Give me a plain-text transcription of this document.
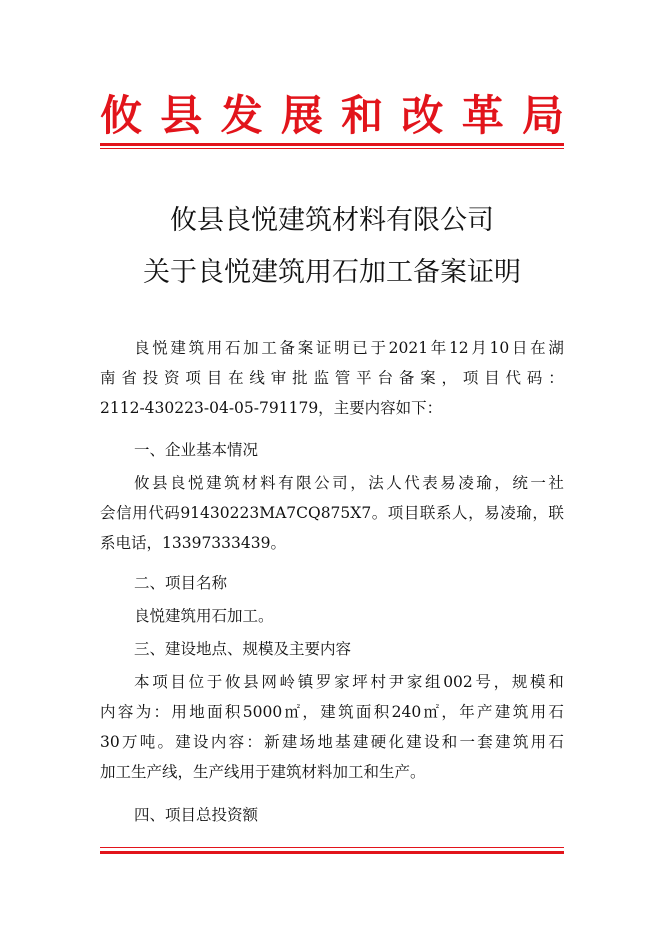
攸 县 发 展 和 改 革 局
攸县良悦建筑材料有限公司
关于良悦建筑用石加工备案证明
良 悦 建 筑 用 石 加 工 备 案 证 明 已 于 2021 年 12 月 10 日 在 湖
南 省 投 资 项 目 在 线 审 批 监 管 平 台 备 案 ， 项 目 代 码 ：
2112-430223-04-05-791179，主要内容如下：
一、企业基本情况
攸 县 良 悦 建 筑 材 料 有 限 公 司 ， 法 人 代 表 易 凌 瑜 ， 统 一 社
会 信 用 代 码 91430223MA7CQ875X7 。 项 目 联 系 人 ， 易 凌 瑜 ， 联
系电话，13397333439。
二、项目名称
良悦建筑用石加工。
三、建设地点、规模及主要内容
本 项 目 位 于 攸 县 网 岭 镇 罗 家 坪 村 尹 家 组 002 号 ， 规 模 和
内 容 为 ： 用 地 面 积 5000 ㎡ ， 建 筑 面 积 240 ㎡ ， 年 产 建 筑 用 石
30 万 吨 。 建 设 内 容 ： 新 建 场 地 基 建 硬 化 建 设 和 一 套 建 筑 用 石
加工生产线，生产线用于建筑材料加工和生产。
四、项目总投资额
